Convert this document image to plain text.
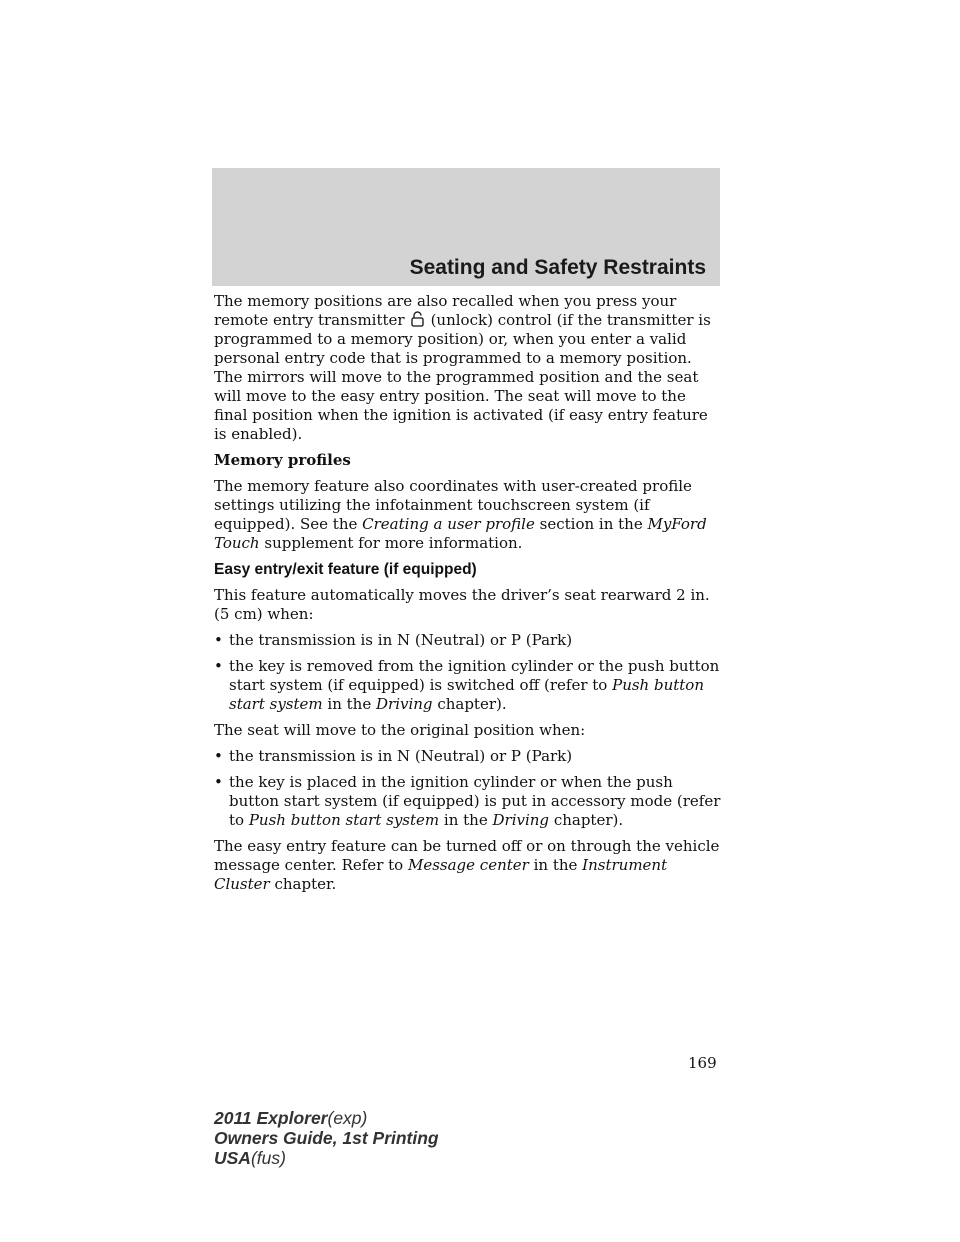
Seating and Safety Restraints

The memory positions are also recalled when you press your remote entry transmitter (unlock) control (if the transmitter is programmed to a memory position) or, when you enter a valid personal entry code that is programmed to a memory position. The mirrors will move to the programmed position and the seat will move to the easy entry position. The seat will move to the final position when the ignition is activated (if easy entry feature is enabled).

Memory profiles

The memory feature also coordinates with user-created profile settings utilizing the infotainment touchscreen system (if equipped). See the Creating a user profile section in the MyFord Touch supplement for more information.

Easy entry/exit feature (if equipped)

This feature automatically moves the driver’s seat rearward 2 in. (5 cm) when:

• the transmission is in N (Neutral) or P (Park)
• the key is removed from the ignition cylinder or the push button start system (if equipped) is switched off (refer to Push button start system in the Driving chapter).

The seat will move to the original position when:

• the transmission is in N (Neutral) or P (Park)
• the key is placed in the ignition cylinder or when the push button start system (if equipped) is put in accessory mode (refer to Push button start system in the Driving chapter).

The easy entry feature can be turned off or on through the vehicle message center. Refer to Message center in the Instrument Cluster chapter.

169
2011 Explorer(exp)
Owners Guide, 1st Printing
USA(fus)
